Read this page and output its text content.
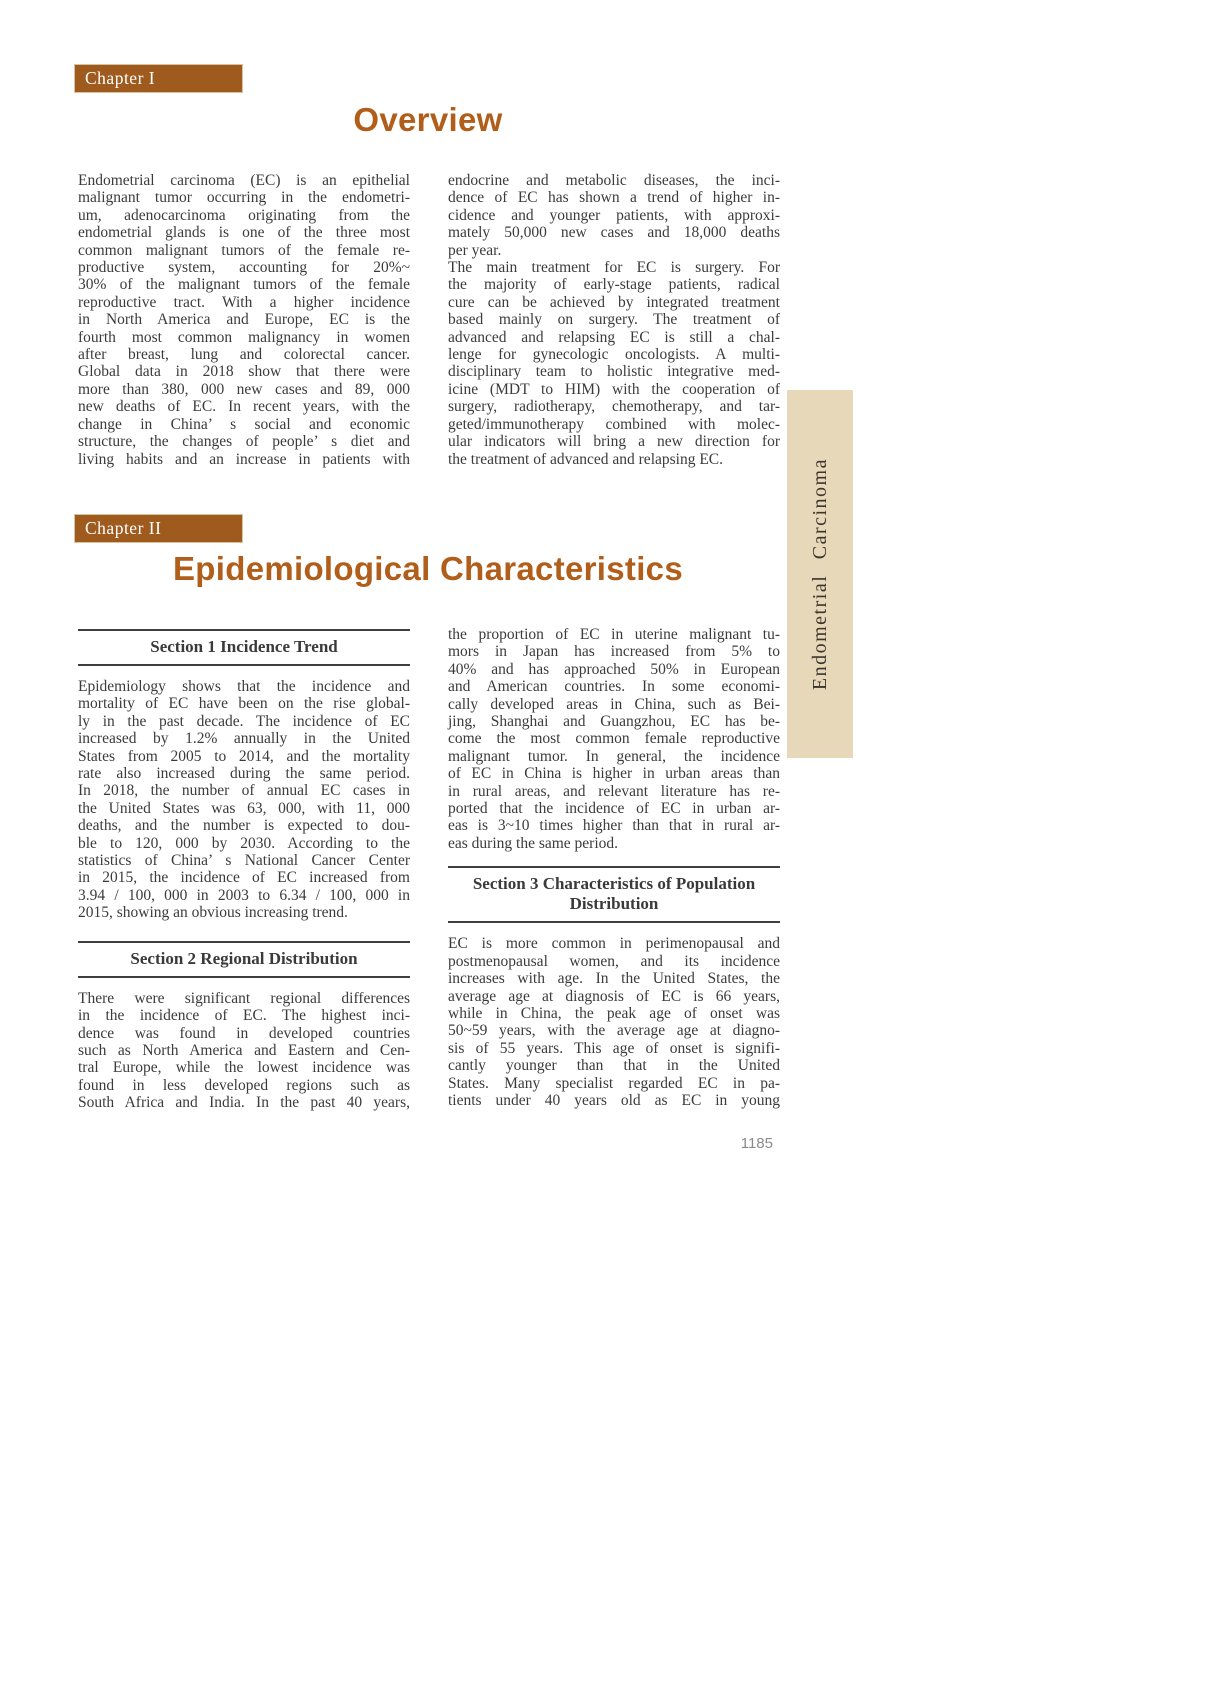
Chapter I
Overview
Endometrial carcinoma (EC) is an epithelial
malignant tumor occurring in the endometri-
um, adenocarcinoma originating from the
endometrial glands is one of the three most
common malignant tumors of the female re-
productive system, accounting for 20%~
30% of the malignant tumors of the female
reproductive tract. With a higher incidence
in North America and Europe, EC is the
fourth most common malignancy in women
after breast, lung and colorectal cancer.
Global data in 2018 show that there were
more than 380, 000 new cases and 89, 000
new deaths of EC. In recent years, with the
change in China’ s social and economic
structure, the changes of people’ s diet and
living habits and an increase in patients with
endocrine and metabolic diseases, the inci-
dence of EC has shown a trend of higher in-
cidence and younger patients, with approxi-
mately 50,000 new cases and 18,000 deaths
per year.
The main treatment for EC is surgery. For
the majority of early-stage patients, radical
cure can be achieved by integrated treatment
based mainly on surgery. The treatment of
advanced and relapsing EC is still a chal-
lenge for gynecologic oncologists. A multi-
disciplinary team to holistic integrative med-
icine (MDT to HIM) with the cooperation of
surgery, radiotherapy, chemotherapy, and tar-
geted/immunotherapy combined with molec-
ular indicators will bring a new direction for
the treatment of advanced and relapsing EC.
Chapter II
Epidemiological Characteristics
Section 1 Incidence Trend
Epidemiology shows that the incidence and
mortality of EC have been on the rise global-
ly in the past decade. The incidence of EC
increased by 1.2% annually in the United
States from 2005 to 2014, and the mortality
rate also increased during the same period.
In 2018, the number of annual EC cases in
the United States was 63, 000, with 11, 000
deaths, and the number is expected to dou-
ble to 120, 000 by 2030. According to the
statistics of China’ s National Cancer Center
in 2015, the incidence of EC increased from
3.94 / 100, 000 in 2003 to 6.34 / 100, 000 in
2015, showing an obvious increasing trend.
Section 2 Regional Distribution
There were significant regional differences
in the incidence of EC. The highest inci-
dence was found in developed countries
such as North America and Eastern and Cen-
tral Europe, while the lowest incidence was
found in less developed regions such as
South Africa and India. In the past 40 years,
the proportion of EC in uterine malignant tu-
mors in Japan has increased from 5% to
40% and has approached 50% in European
and American countries. In some economi-
cally developed areas in China, such as Bei-
jing, Shanghai and Guangzhou, EC has be-
come the most common female reproductive
malignant tumor. In general, the incidence
of EC in China is higher in urban areas than
in rural areas, and relevant literature has re-
ported that the incidence of EC in urban ar-
eas is 3~10 times higher than that in rural ar-
eas during the same period.
Section 3 Characteristics of Population
Distribution
EC is more common in perimenopausal and
postmenopausal women, and its incidence
increases with age. In the United States, the
average age at diagnosis of EC is 66 years,
while in China, the peak age of onset was
50~59 years, with the average age at diagno-
sis of 55 years. This age of onset is signifi-
cantly younger than that in the United
States. Many specialist regarded EC in pa-
tients under 40 years old as EC in young
1185
Endometrial Carcinoma
